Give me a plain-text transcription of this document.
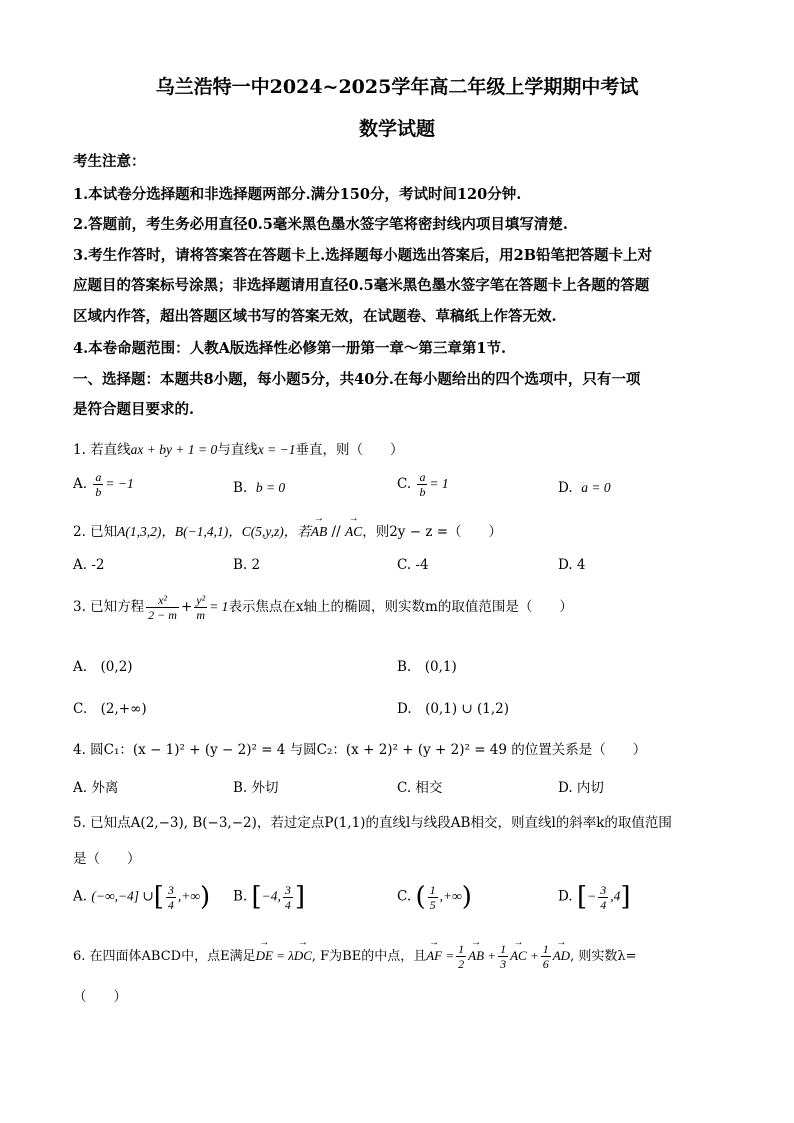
乌兰浩特一中2024~2025学年高二年级上学期期中考试
数学试题
考生注意：
1.本试卷分选择题和非选择题两部分.满分150分，考试时间120分钟.
2.答题前，考生务必用直径0.5毫米黑色墨水签字笔将密封线内项目填写清楚.
3.考生作答时，请将答案答在答题卡上.选择题每小题选出答案后，用2B铅笔把答题卡上对
应题目的答案标号涂黑；非选择题请用直径0.5毫米黑色墨水签字笔在答题卡上各题的答题
区域内作答，超出答题区域书写的答案无效，在试题卷、草稿纸上作答无效.
4.本卷命题范围：人教A版选择性必修第一册第一章～第三章第1节.
一、选择题：本题共8小题，每小题5分，共40分.在每小题给出的四个选项中，只有一项
是符合题目要求的.
1. 若直线ax + by + 1 = 0与直线x = −1垂直，则（　　）
A. $\frac{a}{b} = -1$	B. b = 0	C. $\frac{a}{b} = 1$	D. a = 0
2. 已知A(1,3,2)，B(−1,4,1)，C(5,y,z)，若→ AB // → AC，则2y − z =（　　）
A. -2	B. 2	C. -4	D. 4
3. 已知方程 $\frac{\text{x²}}{2 - m} + \frac{\text{y²}}{m} = 1$表示焦点在x轴上的椭圆，则实数m的取值范围是（　　）
A.　(0,2)	B.　(0,1)
C.　(2,+∞)	D.　(0,1) ∪ (1,2)
4. 圆C₁：(x − 1)² + (y − 2)² = 4 与圆C₂：(x + 2)² + (y + 2)² = 49 的位置关系是（　　）
A. 外离	B. 外切	C. 相交	D. 内切
5. 已知点A(2,−3), B(−3,−2)，若过定点P(1,1)的直线l与线段AB相交，则直线l的斜率k的取值范围
是（　　）
A. (−∞,−4] ∪[ $\frac{3}{4}$ ,+∞) B. [−4, $\frac{3}{4}$ ]	C. ( $\frac{1}{5}$ ,+∞)	D. [− $\frac{3}{4} ,4$]
6. 在四面体ABCD中，点E满足→ DE = λ→ DC, F为BE的中点，且→ AF = $\frac{1}{2}$ → AB + $\frac{1}{3}$ → AC + $\frac{1}{6}$ → AD, 则实数λ=
（　　）
